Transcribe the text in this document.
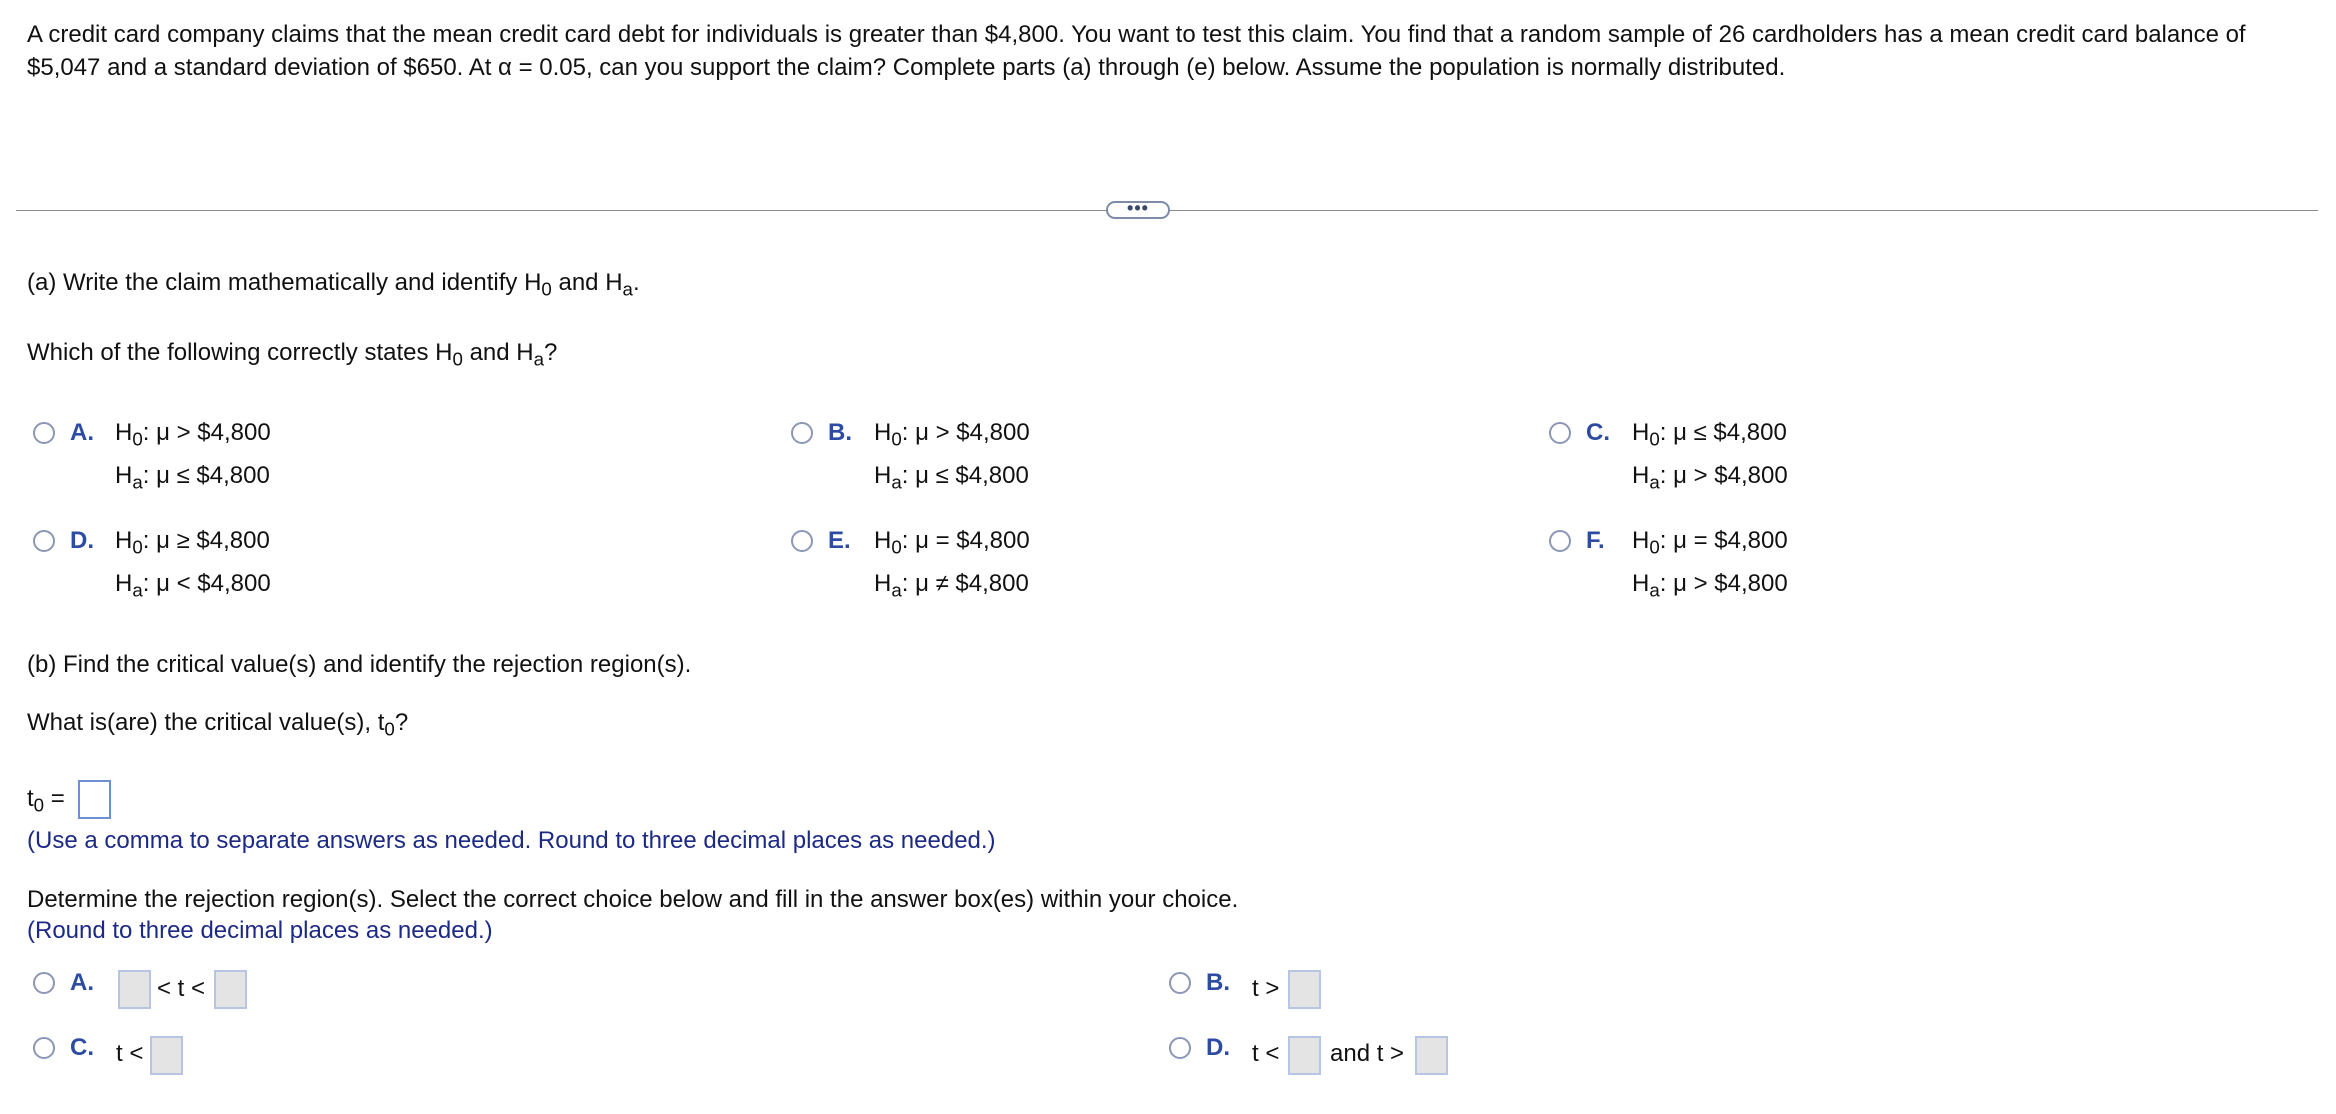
A credit card company claims that the mean credit card debt for individuals is greater than $4,800. You want to test this claim. You find that a random sample of 26 cardholders has a mean credit card balance of $5,047 and a standard deviation of $650. At α = 0.05, can you support the claim? Complete parts (a) through (e) below. Assume the population is normally distributed.
•••
(a) Write the claim mathematically and identify $H_0$ and $H_a$.
Which of the following correctly states $H_0$ and $H_a$?
A. $H_0$: μ > $4,800
$H_a$: μ ≤ $4,800
B. $H_0$: μ > $4,800
$H_a$: μ ≤ $4,800
C. $H_0$: μ ≤ $4,800
$H_a$: μ > $4,800
D. $H_0$: μ ≥ $4,800
$H_a$: μ < $4,800
E. $H_0$: μ = $4,800
$H_a$: μ ≠ $4,800
F. $H_0$: μ = $4,800
$H_a$: μ > $4,800
(b) Find the critical value(s) and identify the rejection region(s).
What is(are) the critical value(s), $t_0$?
$t_0$ =
(Use a comma to separate answers as needed. Round to three decimal places as needed.)
Determine the rejection region(s). Select the correct choice below and fill in the answer box(es) within your choice.
(Round to three decimal places as needed.)
A.	< t <	B. t >
C. t <	D. t < and t >
